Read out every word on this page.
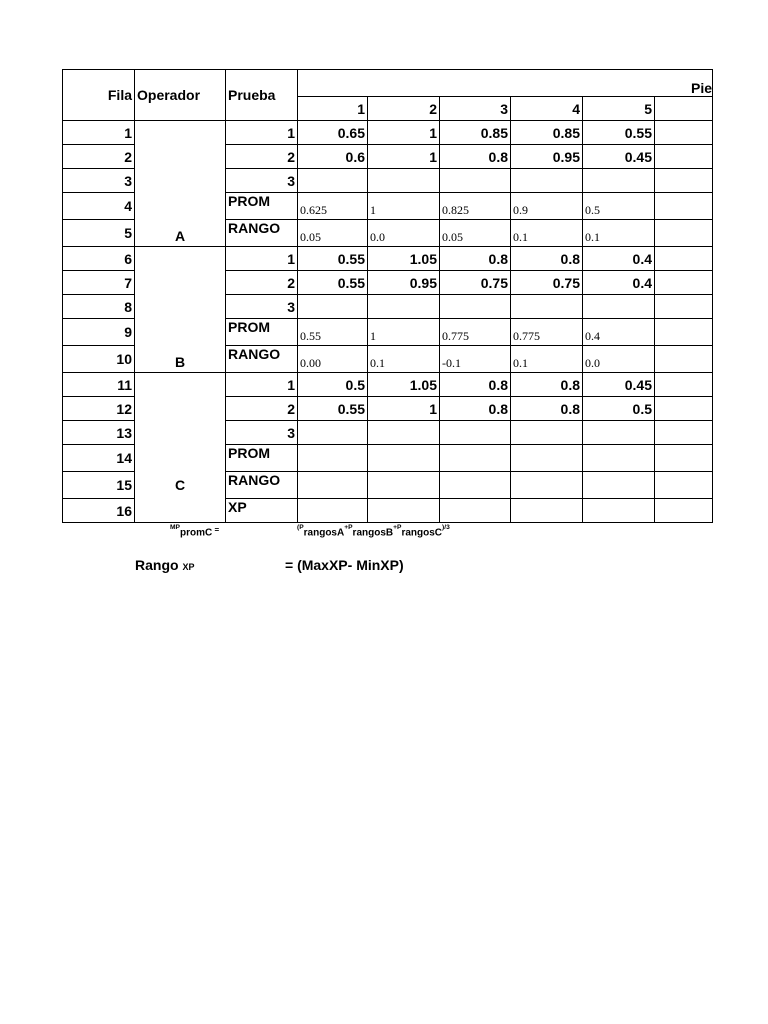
Fila	Operador	Prueba	Pie					
			1	2	3	4	5	
1	A	1	0.65	1	0.85	0.85	0.55	
2		2	0.6	1	0.8	0.95	0.45	
3		3						
4		PROM	0.625	1	0.825	0.9	0.5	
5		RANGO	0.05	0.0	0.05	0.1	0.1	
6	B	1	0.55	1.05	0.8	0.8	0.4	
7		2	0.55	0.95	0.75	0.75	0.4	
8		3						
9		PROM	0.55	1	0.775	0.775	0.4	
10		RANGO	0.00	0.1	-0.1	0.1	0.0	
11	C	1	0.5	1.05	0.8	0.8	0.45	
12		2	0.55	1	0.8	0.8	0.5	
13		3						
14		PROM						
15		RANGO						
16		XP						
$^{MP}$promC =	$^{(P}$rangosA$^{+P}$rangosB$^{+P}$rangosC$^{)/3}$
Rango XP	= (MaxXP- MinXP)
